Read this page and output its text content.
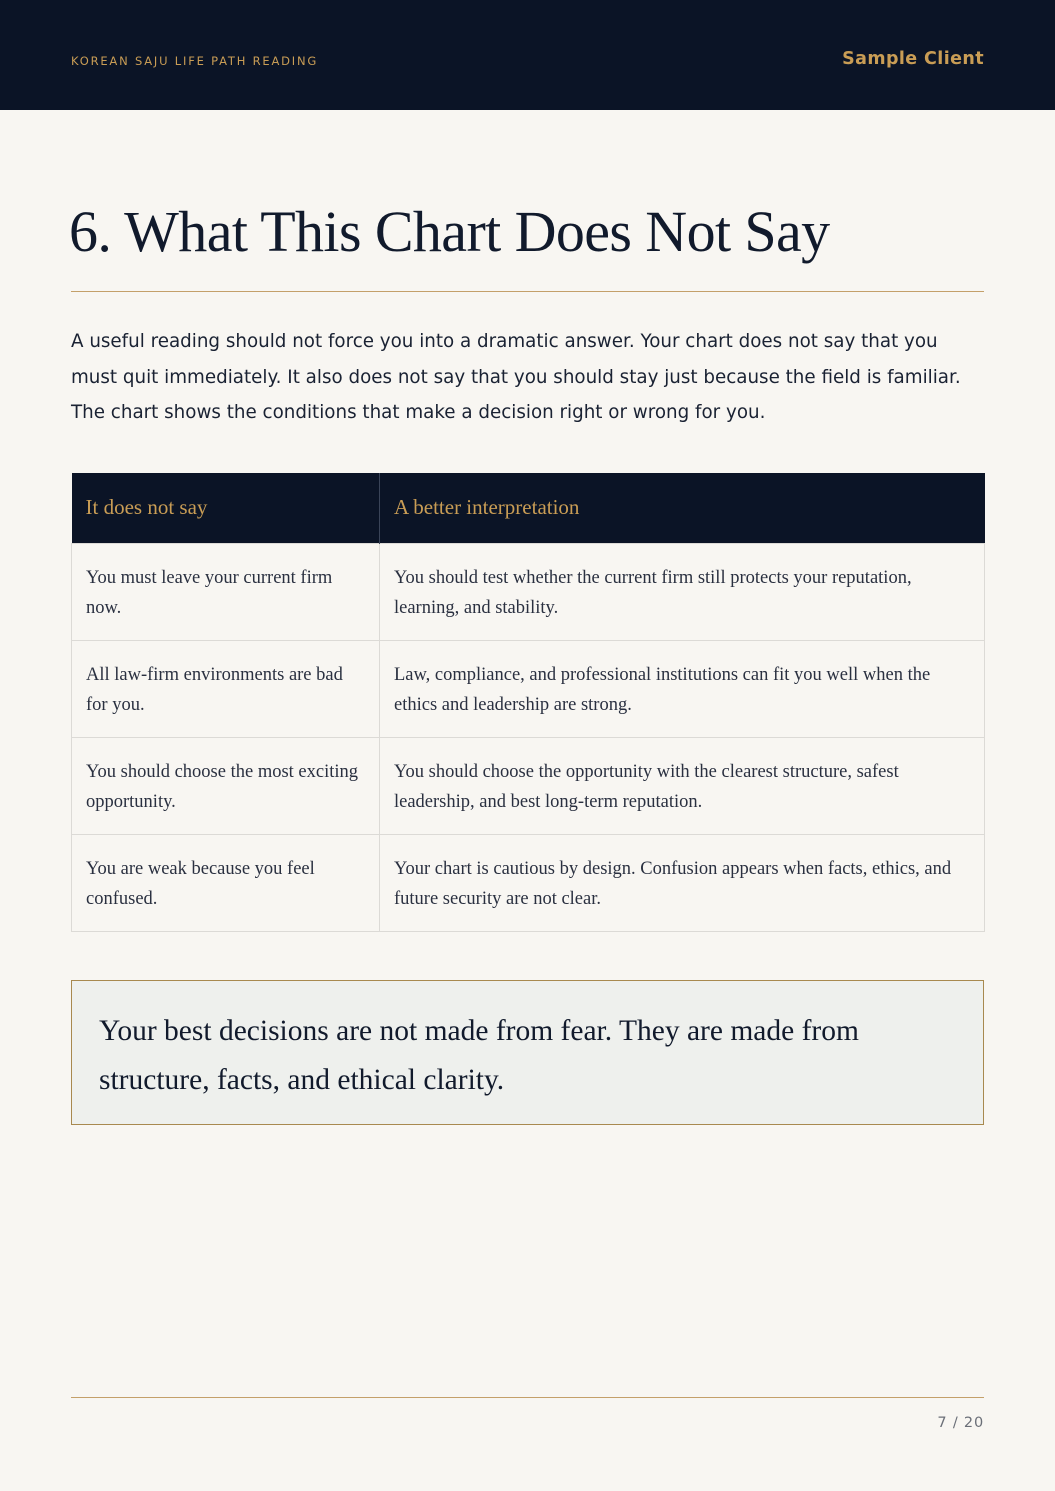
KOREAN SAJU LIFE PATH READING	Sample Client
6. What This Chart Does Not Say

A useful reading should not force you into a dramatic answer. Your chart does not say that you must quit immediately. It also does not say that you should stay just because the field is familiar. The chart shows the conditions that make a decision right or wrong for you.

It does not say	A better interpretation
You must leave your current firm now.	You should test whether the current firm still protects your reputation, learning, and stability.
All law-firm environments are bad for you.	Law, compliance, and professional institutions can fit you well when the ethics and leadership are strong.
You should choose the most exciting opportunity.	You should choose the opportunity with the clearest structure, safest leadership, and best long-term reputation.
You are weak because you feel confused.	Your chart is cautious by design. Confusion appears when facts, ethics, and future security are not clear.
Your best decisions are not made from fear. They are made from structure, facts, and ethical clarity.
7 / 20
